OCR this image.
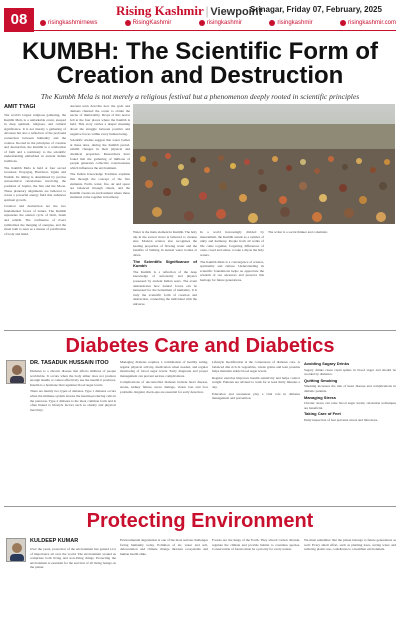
08
Rising Kashmir | Viewpoint
Srinagar, Friday 07, February, 2025
risingkashmirnews	RisingKashmir	risingkashmir	risingkashmir	risingkashmir.com
KUMBH: The Scientific Form of
Creation and Destruction
The Kumbh Mela is not merely a religious festival but a phenomenon deeply rooted in scientific principles
AMIT TYAGI

The world's largest religious gathering, the Kumbh Mela is a remarkable event, steeped in deep spiritual, religious, and cultural significance. It is not merely a gathering of devotees but also a reflection of the profound connection between humanity and the cosmos. Rooted in the principles of creation and destruction, the Kumbh is a celebration of faith and a testimony to the scientific understanding embedded in ancient Indian traditions.

The Kumbh Mela is held at four sacred locations: Prayagraj, Haridwar, Ujjain and Nashik. Its timing is determined by precise astronomical calculations involving the positions of Jupiter, the Sun and the Moon. These planetary alignments are believed to create a powerful energy field that enhances spiritual growth.

Creation and destruction are the two fundamental forces of nature. The Kumbh represents the eternal cycle of birth, death and rebirth. The confluence of rivers symbolizes the merging of energies, and the ritual bath is seen as a means of purification of body and mind.

Ancient texts describe how the gods and demons churned the ocean to obtain the nectar of immortality. Drops of this nectar fell at the four places where the Kumbh is held. This story carries a deeper meaning about the struggle between positive and negative forces within every human being.

Scientific studies suggest that water bodies at these sites, during the Kumbh period, exhibit changes in their physical and chemical properties. Researchers have found that the gathering of millions of people generates collective consciousness which influences the environment.

The Indian Knowledge Tradition explains this through the concept of the five elements. Earth, water, fire, air and space are balanced through rituals, and the Kumbh creates an environment where these elements come together in harmony.

Water is the main element in Kumbh. The holy dip in the sacred rivers is believed to cleanse sins. Modern science also recognises the healing properties of flowing water and the benefits of bathing in natural water bodies at dawn.

The Scientific Significance of Kumbh

The Kumbh is a reflection of the deep knowledge of astronomy and physics possessed by ancient Indian seers. The event demonstrates how natural forces can be harnessed for the betterment of humanity. It is truly the scientific form of creation and destruction, connecting the individual with the universe.

In a world increasingly divided by materialism, the Kumbh stands as a symbol of unity and harmony. People from all walks of life come together, forgetting differences of caste, creed and status, to take a dip in the holy waters.

The Kumbh Mela is a convergence of science, spirituality and culture. Understanding its scientific foundations helps us appreciate the wisdom of our ancestors and preserve this heritage for future generations.

The writer is a social thinker and columnist.

Diabetes Care and Diabetics
DR. TASADUK HUSSAIN ITOO

Diabetes is a chronic disease that affects millions of people worldwide. It occurs when the body either does not produce enough insulin or cannot effectively use the insulin it produces. Insulin is a hormone that regulates blood sugar levels.

There are mainly two types of diabetes. Type 1 diabetes occurs when the immune system attacks the insulin-producing cells in the pancreas. Type 2 diabetes is the most common form and is often linked to lifestyle factors such as obesity and physical inactivity.

Managing diabetes requires a combination of healthy eating, regular physical activity, medication when needed, and regular monitoring of blood sugar levels. Early diagnosis and proper management can prevent serious complications.

Complications of uncontrolled diabetes include heart disease, stroke, kidney failure, nerve damage, vision loss and foot problems. Regular check-ups are essential for early detection.

Lifestyle modification is the cornerstone of diabetes care. A balanced diet rich in vegetables, whole grains and lean proteins helps maintain stable blood sugar levels.

Regular exercise improves insulin sensitivity and helps control weight. Patients are advised to walk for at least thirty minutes a day.

Education and awareness play a vital role in diabetes management and prevention.

Avoiding Sugary Drinks

Sugary drinks cause rapid spikes in blood sugar and should be avoided by diabetics.

Quitting Smoking

Smoking increases the risk of heart disease and complications in diabetic patients.

Managing Stress

Chronic stress can raise blood sugar levels; relaxation techniques are beneficial.

Taking Care of Feet

Daily inspection of feet prevents ulcers and infections.

Protecting Environment
KULDEEP KUMAR

Over the years, protection of the environment has gained a lot of importance all over the world. The environment around us comprises both living and non-living things. Protecting the environment is essential for the survival of all living beings on the planet.

Environmental degradation is one of the most serious challenges facing humanity today. Pollution of air, water and soil, deforestation and climate change threaten ecosystems and human health alike.

Forests are the lungs of the Earth. They absorb carbon dioxide, regulate the climate and provide habitat to countless species. Conservation of forests must be a priority for every nation.

We must remember that the planet belongs to future generations as well. Every small effort, such as planting trees, saving water and reducing plastic use, contributes to a healthier environment.
